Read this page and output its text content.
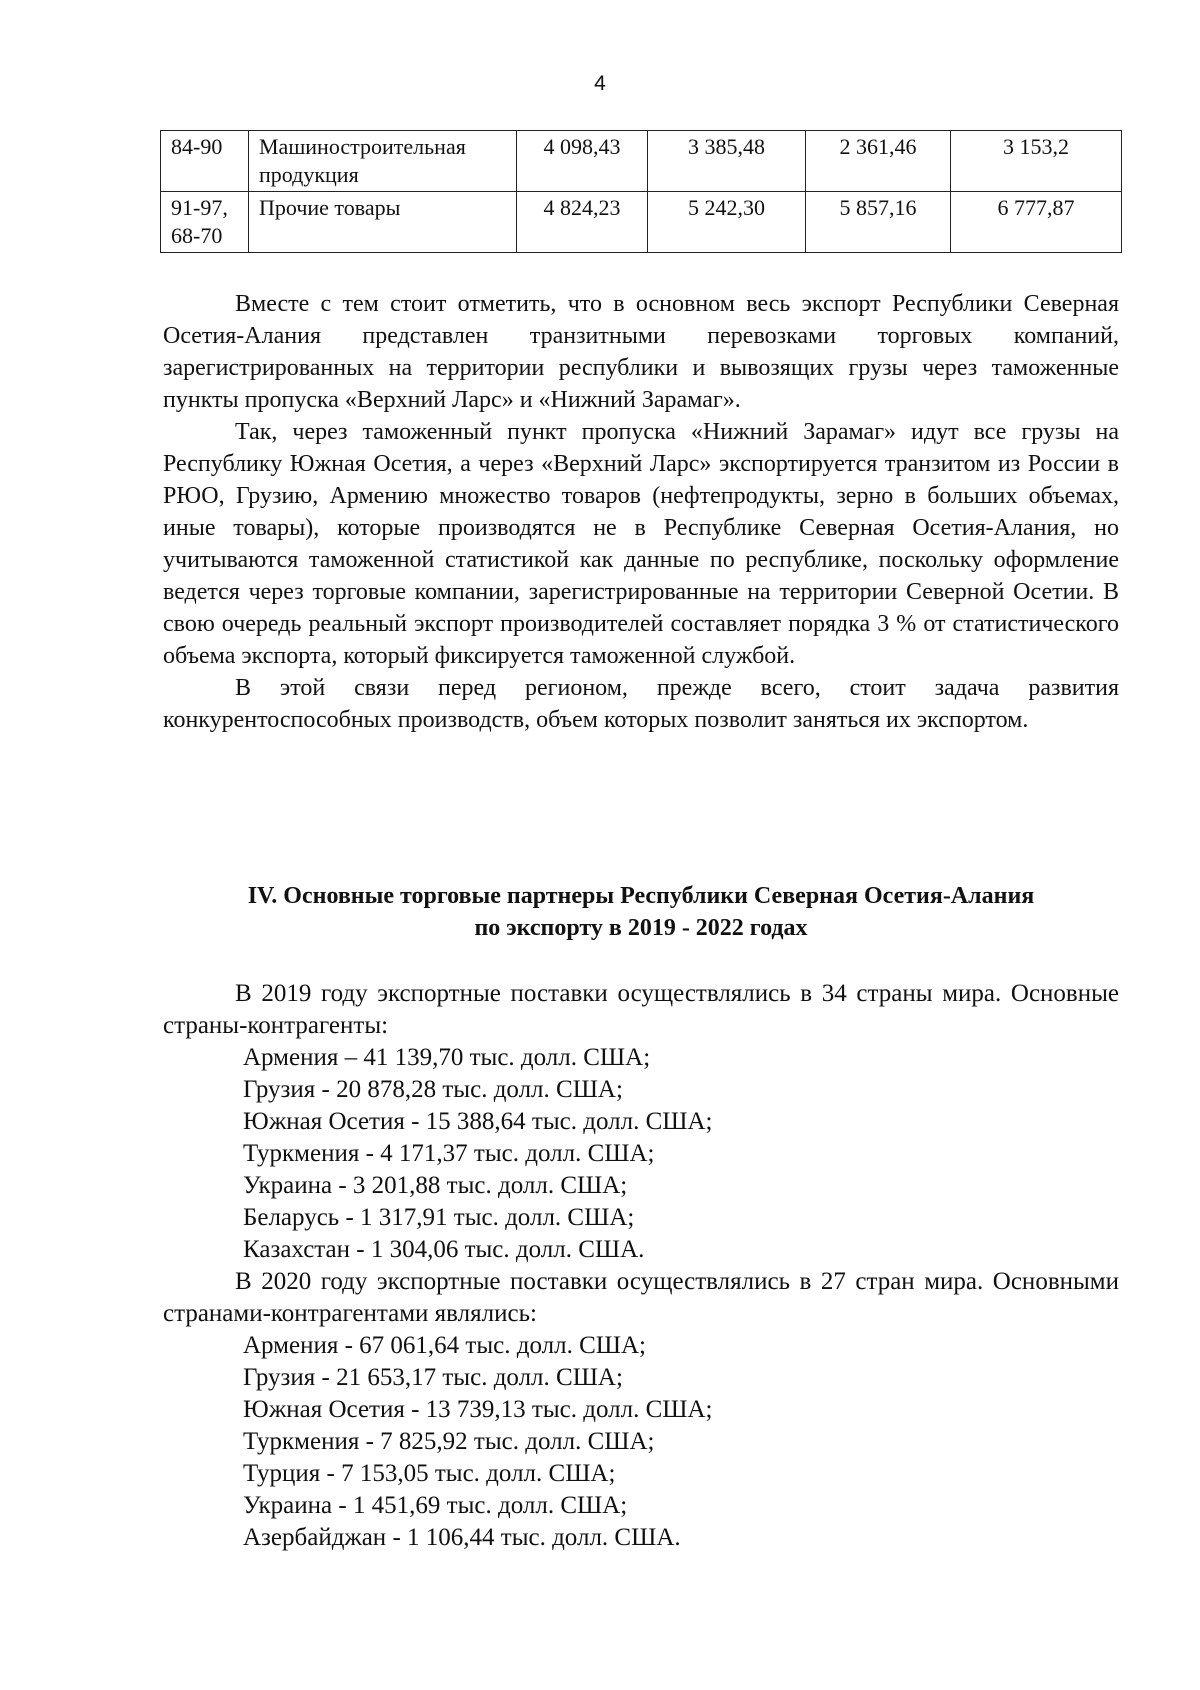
4
84-90	Машиностроительная продукция	4 098,43	3 385,48	2 361,46	3 153,2
91-97, 68-70	Прочие товары	4 824,23	5 242,30	5 857,16	6 777,87

Вместе с тем стоит отметить, что в основном весь экспорт Республики Северная Осетия-Алания представлен транзитными перевозками торговых компаний, зарегистрированных на территории республики и вывозящих грузы через таможенные пункты пропуска «Верхний Ларс» и «Нижний Зарамаг».

Так, через таможенный пункт пропуска «Нижний Зарамаг» идут все грузы на Республику Южная Осетия, а через «Верхний Ларс» экспортируется транзитом из России в РЮО, Грузию, Армению множество товаров (нефтепродукты, зерно в больших объемах, иные товары), которые производятся не в Республике Северная Осетия-Алания, но учитываются таможенной статистикой как данные по республике, поскольку оформление ведется через торговые компании, зарегистрированные на территории Северной Осетии. В свою очередь реальный экспорт производителей составляет порядка 3 % от статистического объема экспорта, который фиксируется таможенной службой.

В этой связи перед регионом, прежде всего, стоит задача развития конкурентоспособных производств, объем которых позволит заняться их экспортом.

IV. Основные торговые партнеры Республики Северная Осетия-Алания
по экспорту в 2019 - 2022 годах

В 2019 году экспортные поставки осуществлялись в 34 страны мира. Основные страны-контрагенты:

Армения – 41 139,70 тыс. долл. США;
Грузия - 20 878,28 тыс. долл. США;
Южная Осетия - 15 388,64 тыс. долл. США;
Туркмения - 4 171,37 тыс. долл. США;
Украина - 3 201,88 тыс. долл. США;
Беларусь - 1 317,91 тыс. долл. США;
Казахстан - 1 304,06 тыс. долл. США.

В 2020 году экспортные поставки осуществлялись в 27 стран мира. Основными странами-контрагентами являлись:

Армения - 67 061,64 тыс. долл. США;
Грузия - 21 653,17 тыс. долл. США;
Южная Осетия - 13 739,13 тыс. долл. США;
Туркмения - 7 825,92 тыс. долл. США;
Турция - 7 153,05 тыс. долл. США;
Украина - 1 451,69 тыс. долл. США;
Азербайджан - 1 106,44 тыс. долл. США.
